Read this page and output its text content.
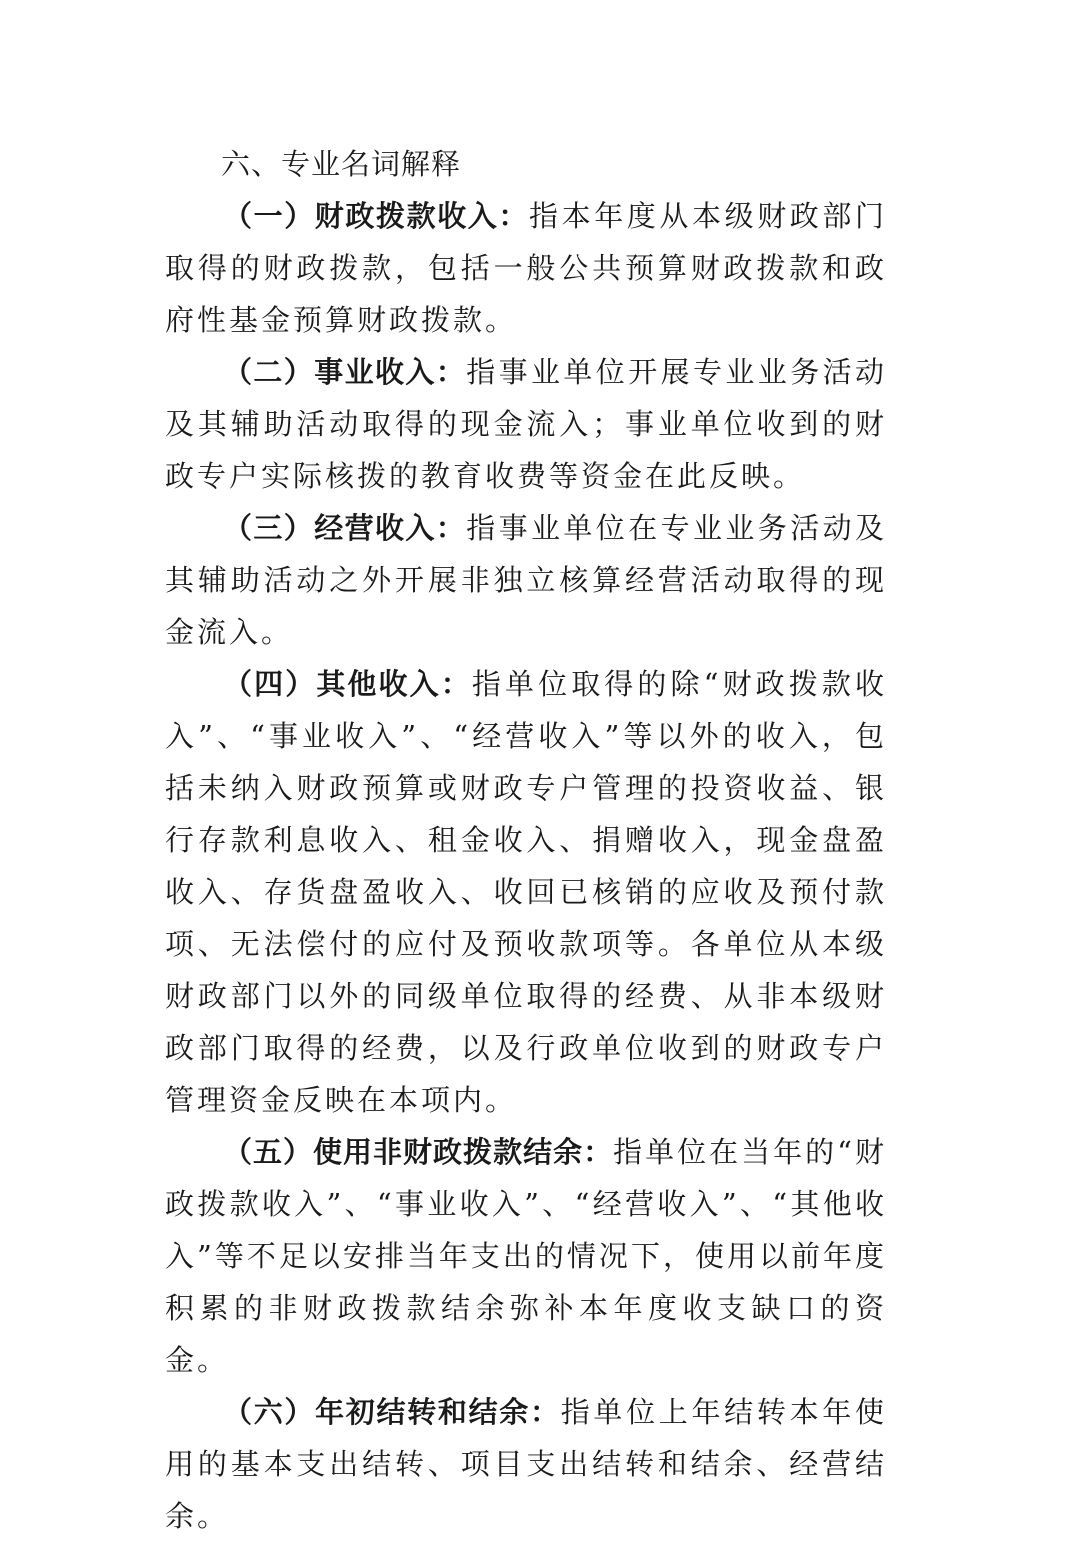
六、专业名词解释

（一）财政拨款收入：指本年度从本级财政部门取得的财政拨款，包括一般公共预算财政拨款和政府性基金预算财政拨款。

（二）事业收入：指事业单位开展专业业务活动及其辅助活动取得的现金流入；事业单位收到的财政专户实际核拨的教育收费等资金在此反映。

（三）经营收入：指事业单位在专业业务活动及其辅助活动之外开展非独立核算经营活动取得的现金流入。

（四）其他收入：指单位取得的除“财政拨款收入”、“事业收入”、“经营收入”等以外的收入，包括未纳入财政预算或财政专户管理的投资收益、银行存款利息收入、租金收入、捐赠收入，现金盘盈收入、存货盘盈收入、收回已核销的应收及预付款项、无法偿付的应付及预收款项等。各单位从本级财政部门以外的同级单位取得的经费、从非本级财政部门取得的经费，以及行政单位收到的财政专户管理资金反映在本项内。

（五）使用非财政拨款结余：指单位在当年的“财政拨款收入”、“事业收入”、“经营收入”、“其他收入”等不足以安排当年支出的情况下，使用以前年度积累的非财政拨款结余弥补本年度收支缺口的资金。

（六）年初结转和结余：指单位上年结转本年使用的基本支出结转、项目支出结转和结余、经营结余。
